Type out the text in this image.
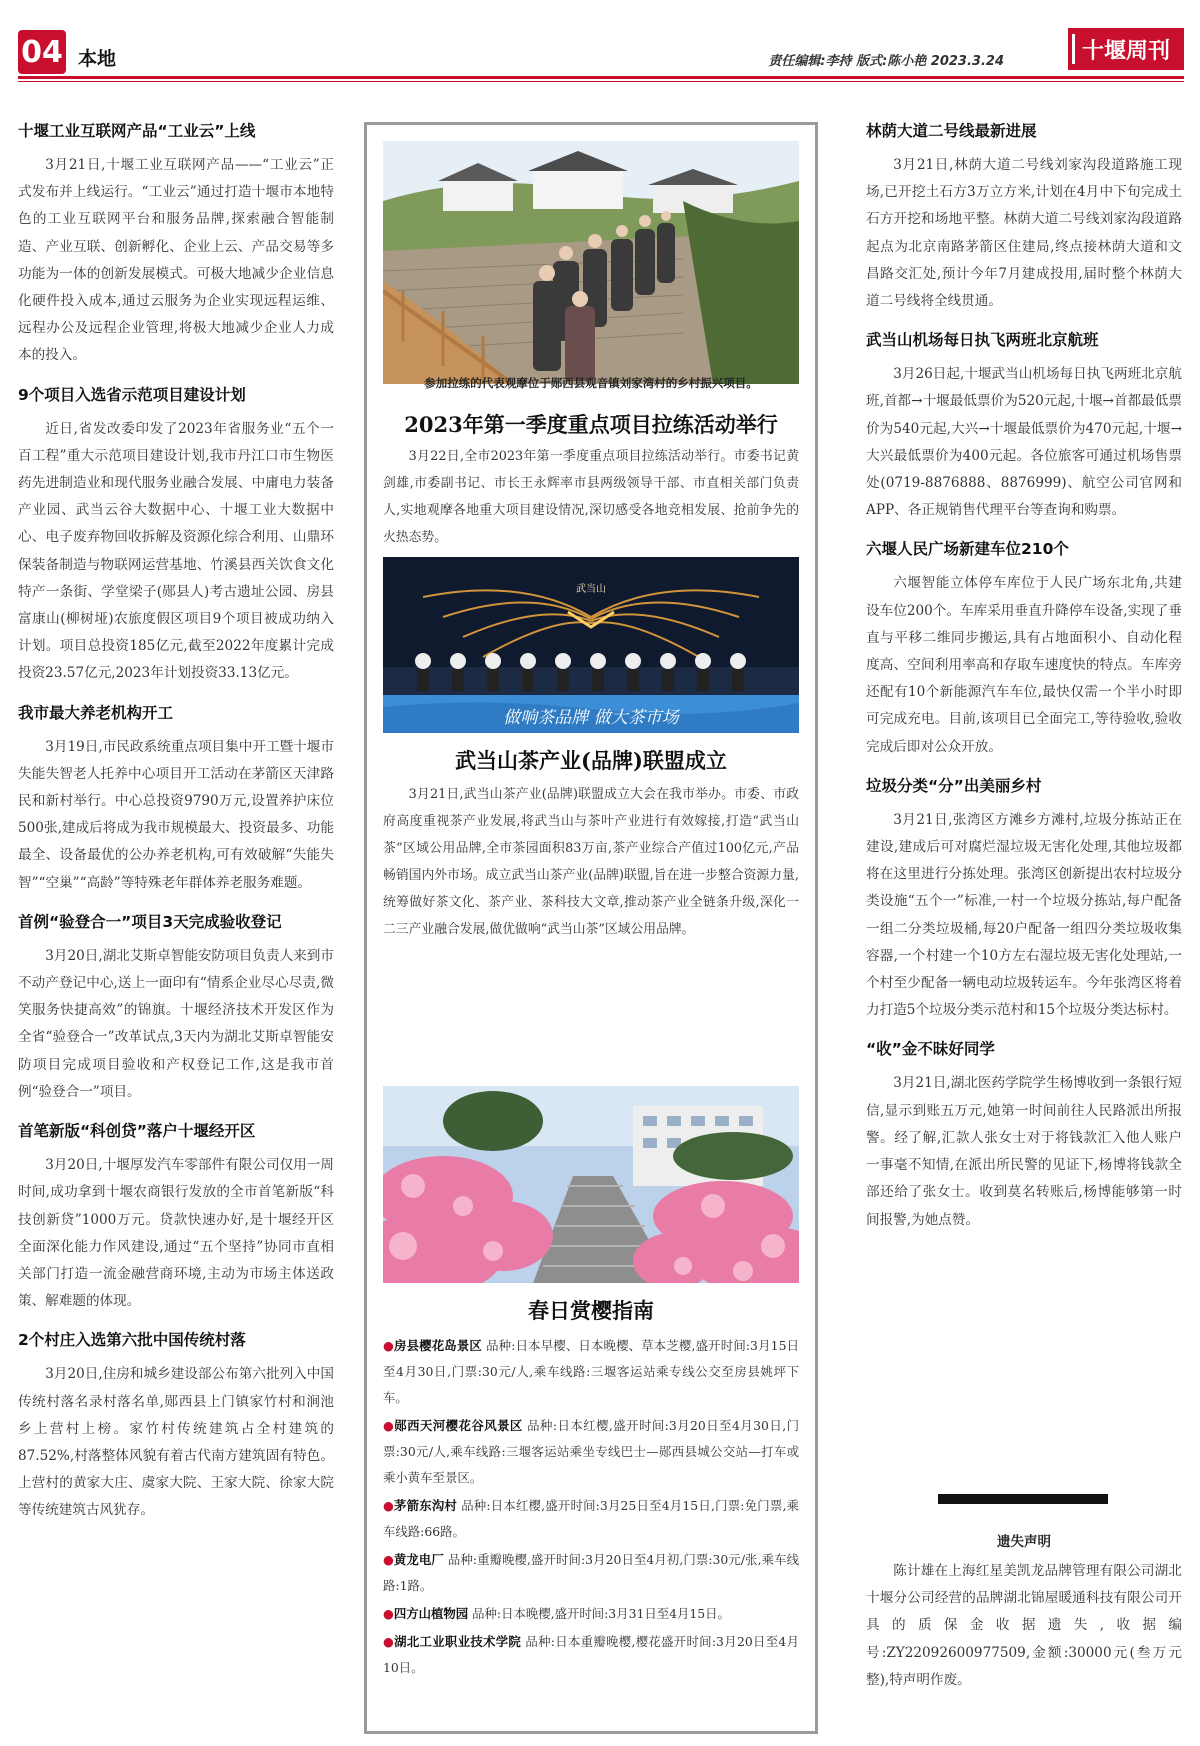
04 本地	责任编辑:李持 版式:陈小艳 2023.3.24	十堰周刊
十堰工业互联网产品“工业云”上线

3月21日,十堰工业互联网产品——“工业云”正式发布并上线运行。“工业云”通过打造十堰市本地特色的工业互联网平台和服务品牌,探索融合智能制造、产业互联、创新孵化、企业上云、产品交易等多功能为一体的创新发展模式。可极大地减少企业信息化硬件投入成本,通过云服务为企业实现远程运维、远程办公及远程企业管理,将极大地减少企业人力成本的投入。

9个项目入选省示范项目建设计划

近日,省发改委印发了2023年省服务业“五个一百工程”重大示范项目建设计划,我市丹江口市生物医药先进制造业和现代服务业融合发展、中庸电力装备产业园、武当云谷大数据中心、十堰工业大数据中心、电子废弃物回收拆解及资源化综合利用、山鼎环保装备制造与物联网运营基地、竹溪县西关饮食文化特产一条街、学堂梁子(郧县人)考古遗址公园、房县富康山(柳树垭)农旅度假区项目9个项目被成功纳入计划。项目总投资185亿元,截至2022年度累计完成投资23.57亿元,2023年计划投资33.13亿元。

我市最大养老机构开工

3月19日,市民政系统重点项目集中开工暨十堰市失能失智老人托养中心项目开工活动在茅箭区天津路民和新村举行。中心总投资9790万元,设置养护床位500张,建成后将成为我市规模最大、投资最多、功能最全、设备最优的公办养老机构,可有效破解“失能失智”“空巢”“高龄”等特殊老年群体养老服务难题。

首例“验登合一”项目3天完成验收登记

3月20日,湖北艾斯卓智能安防项目负责人来到市不动产登记中心,送上一面印有“情系企业尽心尽责,微笑服务快捷高效”的锦旗。十堰经济技术开发区作为全省“验登合一”改革试点,3天内为湖北艾斯卓智能安防项目完成项目验收和产权登记工作,这是我市首例“验登合一”项目。

首笔新版“科创贷”落户十堰经开区

3月20日,十堰厚发汽车零部件有限公司仅用一周时间,成功拿到十堰农商银行发放的全市首笔新版“科技创新贷”1000万元。贷款快速办好,是十堰经开区全面深化能力作风建设,通过“五个坚持”协同市直相关部门打造一流金融营商环境,主动为市场主体送政策、解难题的体现。

2个村庄入选第六批中国传统村落

3月20日,住房和城乡建设部公布第六批列入中国传统村落名录村落名单,郧西县上门镇家竹村和涧池乡上营村上榜。家竹村传统建筑占全村建筑的87.52%,村落整体风貌有着古代南方建筑固有特色。上营村的黄家大庄、虞家大院、王家大院、徐家大院等传统建筑古风犹存。

参加拉练的代表观摩位于郧西县观音镇刘家湾村的乡村振兴项目。
2023年第一季度重点项目拉练活动举行

3月22日,全市2023年第一季度重点项目拉练活动举行。市委书记黄剑雄,市委副书记、市长王永辉率市县两级领导干部、市直相关部门负责人,实地观摩各地重大项目建设情况,深切感受各地竞相发展、抢前争先的火热态势。

武当山
做响茶品牌 做大茶市场
武当山茶产业(品牌)联盟成立

3月21日,武当山茶产业(品牌)联盟成立大会在我市举办。市委、市政府高度重视茶产业发展,将武当山与茶叶产业进行有效嫁接,打造“武当山茶”区域公用品牌,全市茶园面积83万亩,茶产业综合产值过100亿元,产品畅销国内外市场。成立武当山茶产业(品牌)联盟,旨在进一步整合资源力量,统筹做好茶文化、茶产业、茶科技大文章,推动茶产业全链条升级,深化一二三产业融合发展,做优做响“武当山茶”区域公用品牌。

春日赏樱指南

●房县樱花岛景区 品种:日本早樱、日本晚樱、草本芝樱,盛开时间:3月15日至4月30日,门票:30元/人,乘车线路:三堰客运站乘专线公交至房县姚坪下车。

●郧西天河樱花谷风景区 品种:日本红樱,盛开时间:3月20日至4月30日,门票:30元/人,乘车线路:三堰客运站乘坐专线巴士—郧西县城公交站—打车或乘小黄车至景区。

●茅箭东沟村 品种:日本红樱,盛开时间:3月25日至4月15日,门票:免门票,乘车线路:66路。

●黄龙电厂 品种:重瓣晚樱,盛开时间:3月20日至4月初,门票:30元/张,乘车线路:1路。

●四方山植物园 品种:日本晚樱,盛开时间:3月31日至4月15日。

●湖北工业职业技术学院 品种:日本重瓣晚樱,樱花盛开时间:3月20日至4月10日。

林荫大道二号线最新进展

3月21日,林荫大道二号线刘家沟段道路施工现场,已开挖土石方3万立方米,计划在4月中下旬完成土石方开挖和场地平整。林荫大道二号线刘家沟段道路起点为北京南路茅箭区住建局,终点接林荫大道和文昌路交汇处,预计今年7月建成投用,届时整个林荫大道二号线将全线贯通。

武当山机场每日执飞两班北京航班

3月26日起,十堰武当山机场每日执飞两班北京航班,首都→十堰最低票价为520元起,十堰→首都最低票价为540元起,大兴→十堰最低票价为470元起,十堰→大兴最低票价为400元起。各位旅客可通过机场售票处(0719-8876888、8876999)、航空公司官网和APP、各正规销售代理平台等查询和购票。

六堰人民广场新建车位210个

六堰智能立体停车库位于人民广场东北角,共建设车位200个。车库采用垂直升降停车设备,实现了垂直与平移二维同步搬运,具有占地面积小、自动化程度高、空间利用率高和存取车速度快的特点。车库旁还配有10个新能源汽车车位,最快仅需一个半小时即可完成充电。目前,该项目已全面完工,等待验收,验收完成后即对公众开放。

垃圾分类“分”出美丽乡村

3月21日,张湾区方滩乡方滩村,垃圾分拣站正在建设,建成后可对腐烂湿垃圾无害化处理,其他垃圾都将在这里进行分拣处理。张湾区创新提出农村垃圾分类设施“五个一”标准,一村一个垃圾分拣站,每户配备一组二分类垃圾桶,每20户配备一组四分类垃圾收集容器,一个村建一个10方左右湿垃圾无害化处理站,一个村至少配备一辆电动垃圾转运车。今年张湾区将着力打造5个垃圾分类示范村和15个垃圾分类达标村。

“收”金不昧好同学

3月21日,湖北医药学院学生杨博收到一条银行短信,显示到账五万元,她第一时间前往人民路派出所报警。经了解,汇款人张女士对于将钱款汇入他人账户一事毫不知情,在派出所民警的见证下,杨博将钱款全部还给了张女士。收到莫名转账后,杨博能够第一时间报警,为她点赞。

遗失声明

陈计雄在上海红星美凯龙品牌管理有限公司湖北十堰分公司经营的品牌湖北锦屋暖通科技有限公司开具的质保金收据遗失,收据编号:ZY22092600977509,金额:30000元(叁万元整),特声明作废。
